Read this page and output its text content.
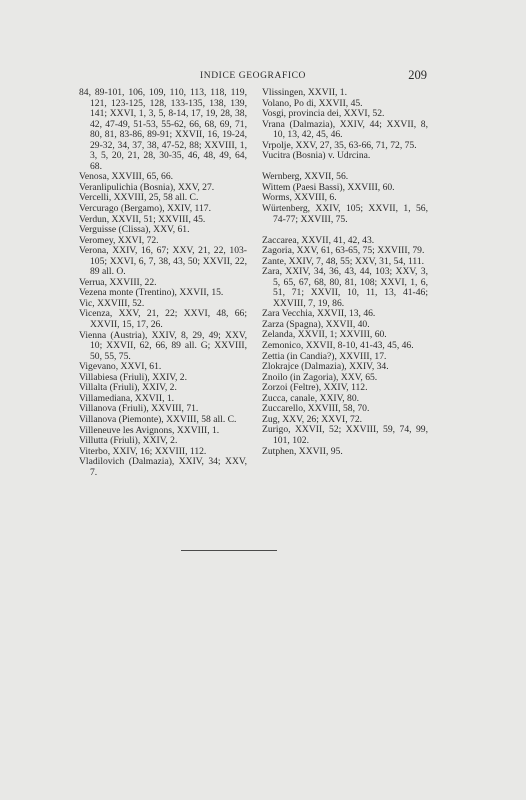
INDICE GEOGRAFICO	209
84, 89-101, 106, 109, 110, 113, 118, 119, 121, 123-125, 128, 133-135, 138, 139, 141; XXVI, 1, 3, 5, 8-14, 17, 19, 28, 38, 42, 47-49, 51-53, 55-62, 66, 68, 69, 71, 80, 81, 83-86, 89-91; XXVII, 16, 19-24, 29-32, 34, 37, 38, 47-52, 88; XXVIII, 1, 3, 5, 20, 21, 28, 30-35, 46, 48, 49, 64, 68.
Venosa, XXVIII, 65, 66.
Veranlipulichia (Bosnia), XXV, 27.
Vercelli, XXVIII, 25, 58 all. C.
Vercurago (Bergamo), XXIV, 117.
Verdun, XXVII, 51; XXVIII, 45.
Verguisse (Clissa), XXV, 61.
Veromey, XXVI, 72.
Verona, XXIV, 16, 67; XXV, 21, 22, 103-105; XXVI, 6, 7, 38, 43, 50; XXVII, 22, 89 all. O.
Verrua, XXVIII, 22.
Vezena monte (Trentino), XXVII, 15.
Vic, XXVIII, 52.
Vicenza, XXV, 21, 22; XXVI, 48, 66; XXVII, 15, 17, 26.
Vienna (Austria), XXIV, 8, 29, 49; XXV, 10; XXVII, 62, 66, 89 all. G; XXVIII, 50, 55, 75.
Vigevano, XXVI, 61.
Villabiesa (Friuli), XXIV, 2.
Villalta (Friuli), XXIV, 2.
Villamediana, XXVII, 1.
Villanova (Friuli), XXVIII, 71.
Villanova (Piemonte), XXVIII, 58 all. C.
Villeneuve les Avignons, XXVIII, 1.
Villutta (Friuli), XXIV, 2.
Viterbo, XXIV, 16; XXVIII, 112.
Vladilovich (Dalmazia), XXIV, 34; XXV, 7.
Vlissingen, XXVII, 1.
Volano, Po di, XXVII, 45.
Vosgi, provincia dei, XXVI, 52.
Vrana (Dalmazia), XXIV, 44; XXVII, 8, 10, 13, 42, 45, 46.
Vrpolje, XXV, 27, 35, 63-66, 71, 72, 75.
Vucitra (Bosnia) v. Udrcina.
Wernberg, XXVII, 56.
Wittem (Paesi Bassi), XXVIII, 60.
Worms, XXVIII, 6.
Würtenberg, XXIV, 105; XXVII, 1, 56, 74-77; XXVIII, 75.
Zaccarea, XXVII, 41, 42, 43.
Zagoria, XXV, 61, 63-65, 75; XXVIII, 79.
Zante, XXIV, 7, 48, 55; XXV, 31, 54, 111.
Zara, XXIV, 34, 36, 43, 44, 103; XXV, 3, 5, 65, 67, 68, 80, 81, 108; XXVI, 1, 6, 51, 71; XXVII, 10, 11, 13, 41-46; XXVIII, 7, 19, 86.
Zara Vecchia, XXVII, 13, 46.
Zarza (Spagna), XXVII, 40.
Zelanda, XXVII, 1; XXVIII, 60.
Zemonico, XXVII, 8-10, 41-43, 45, 46.
Zettia (in Candia?), XXVIII, 17.
Zlokrajce (Dalmazia), XXIV, 34.
Znoilo (in Zagoria), XXV, 65.
Zorzoi (Feltre), XXIV, 112.
Zucca, canale, XXIV, 80.
Zuccarello, XXVIII, 58, 70.
Zug, XXV, 26; XXVI, 72.
Zurigo, XXVII, 52; XXVIII, 59, 74, 99, 101, 102.
Zutphen, XXVII, 95.
